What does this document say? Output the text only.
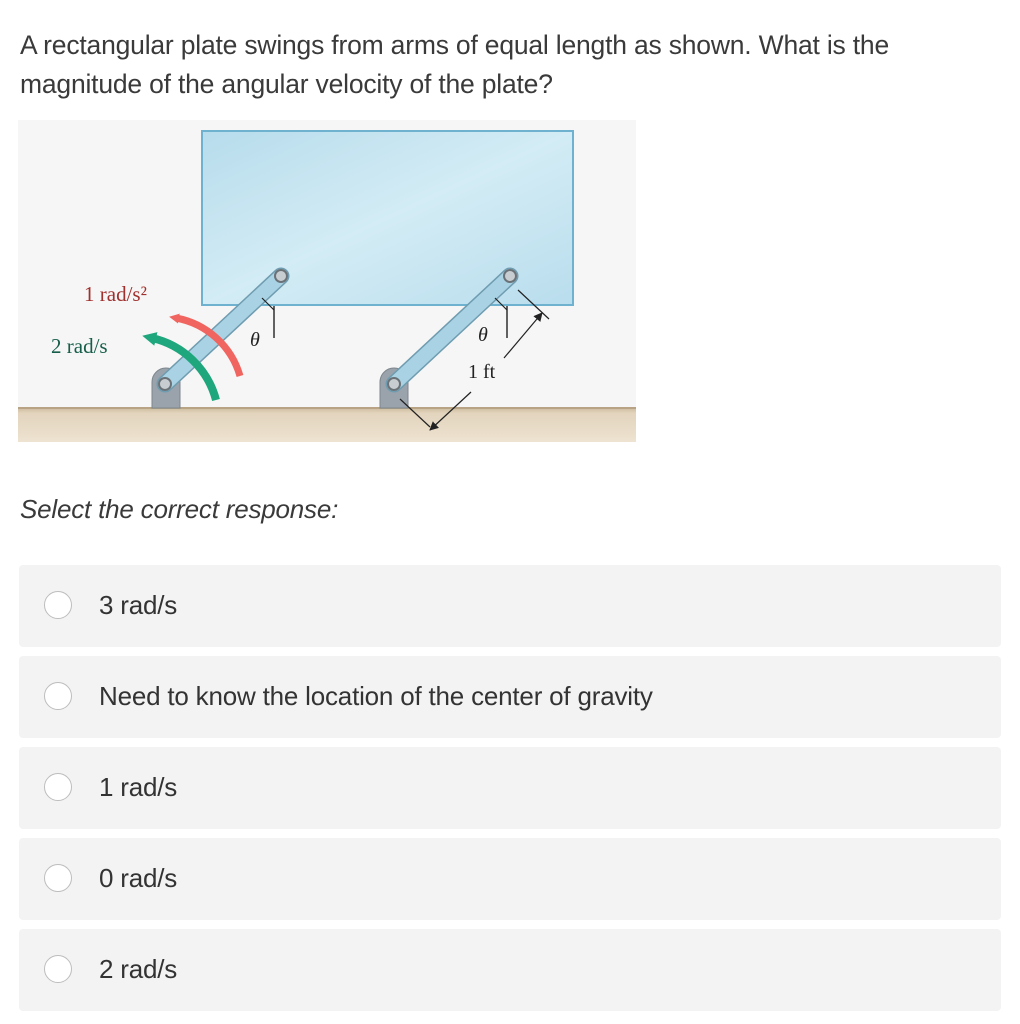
A rectangular plate swings from arms of equal length as shown. What is the magnitude of the angular velocity of the plate?

1 rad/s²
2 rad/s	θ	θ
1 ft

Select the correct response:

3 rad/s
Need to know the location of the center of gravity
1 rad/s
0 rad/s
2 rad/s
